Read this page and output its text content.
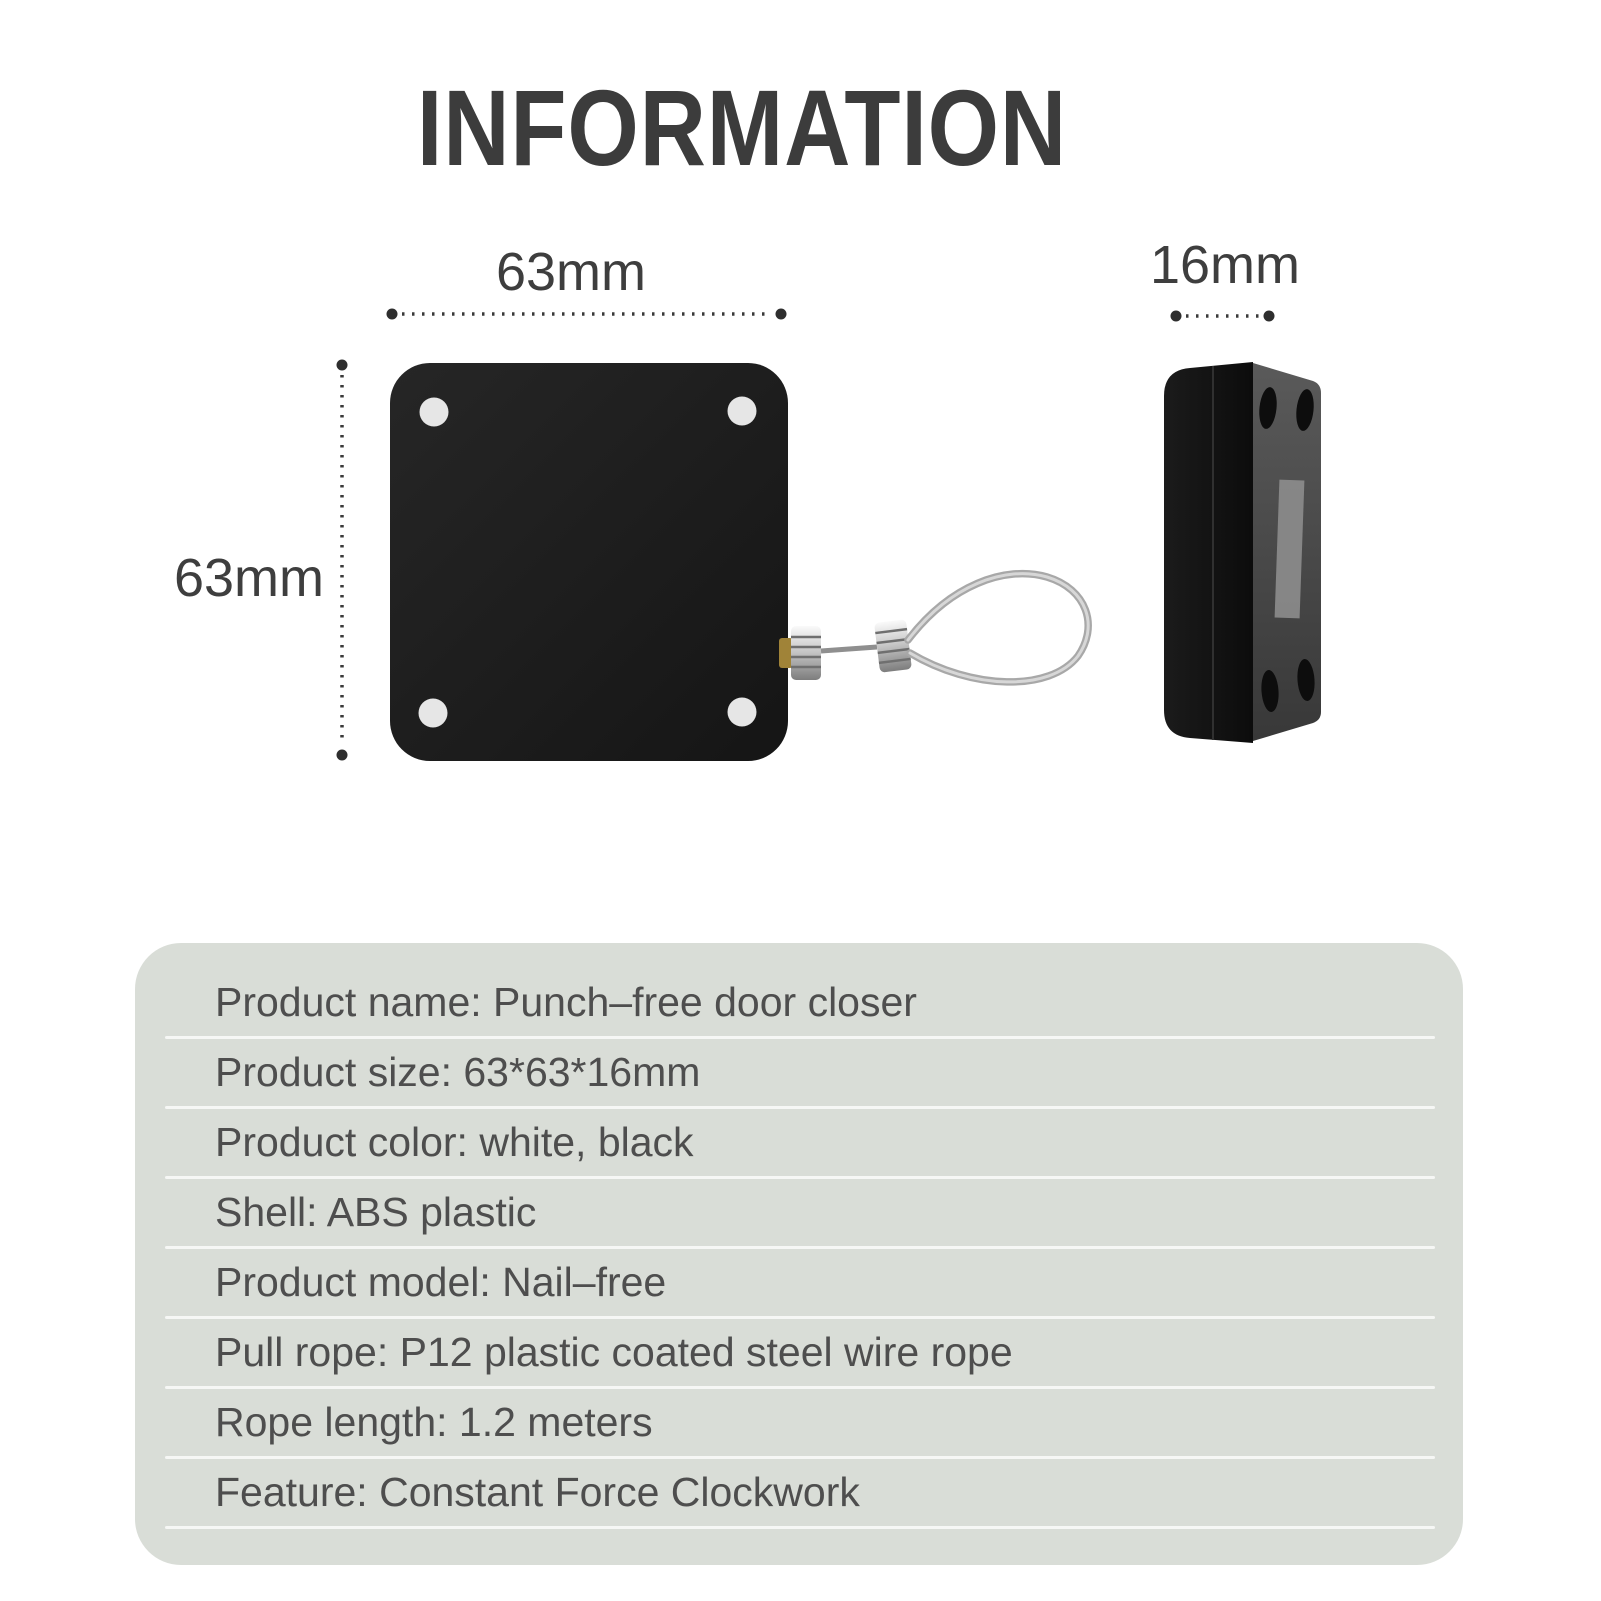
INFORMATION
63mm	16mm
63mm
Product name: Punch–free door closer
Product size: 63*63*16mm
Product color: white, black
Shell: ABS plastic
Product model: Nail–free
Pull rope: P12 plastic coated steel wire rope
Rope length: 1.2 meters
Feature: Constant Force Clockwork
